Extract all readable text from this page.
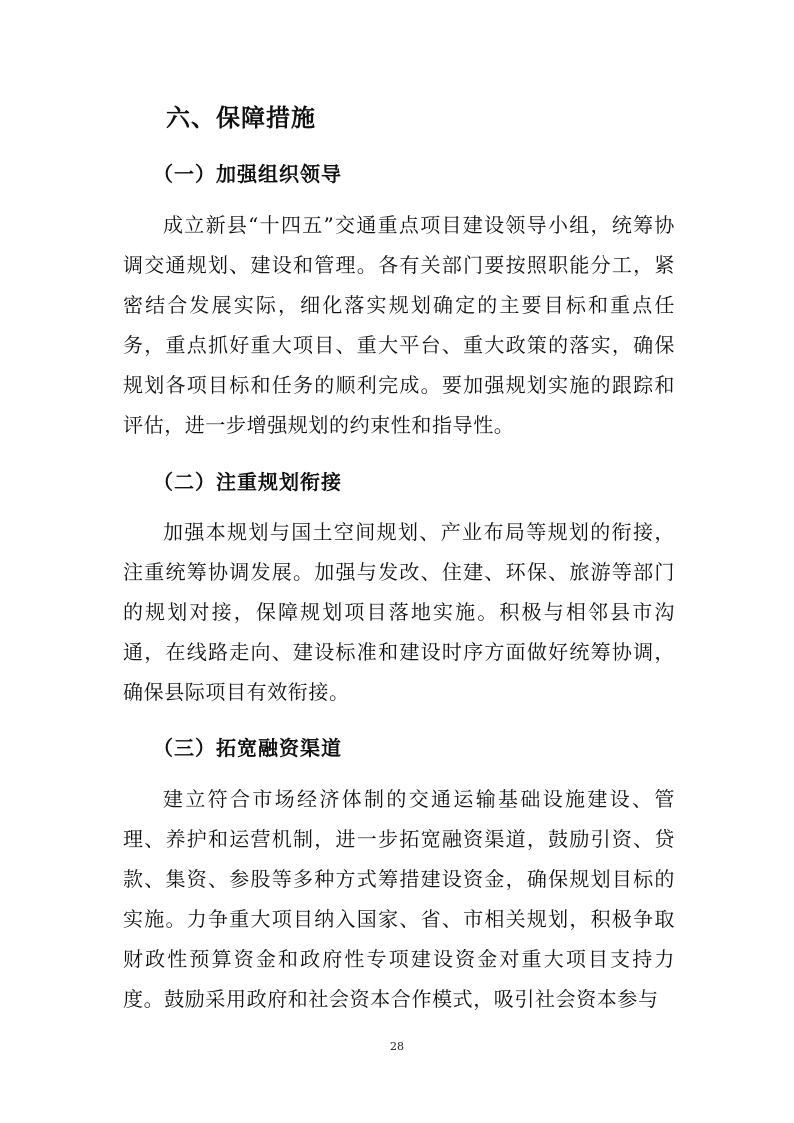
六、保障措施
（一）加强组织领导

成立新县“十四五”交通重点项目建设领导小组，统筹协调交通规划、建设和管理。各有关部门要按照职能分工，紧密结合发展实际，细化落实规划确定的主要目标和重点任务，重点抓好重大项目、重大平台、重大政策的落实，确保规划各项目标和任务的顺利完成。要加强规划实施的跟踪和评估，进一步增强规划的约束性和指导性。

（二）注重规划衔接

加强本规划与国土空间规划、产业布局等规划的衔接，注重统筹协调发展。加强与发改、住建、环保、旅游等部门的规划对接，保障规划项目落地实施。积极与相邻县市沟通，在线路走向、建设标准和建设时序方面做好统筹协调，确保县际项目有效衔接。

（三）拓宽融资渠道

建立符合市场经济体制的交通运输基础设施建设、管理、养护和运营机制，进一步拓宽融资渠道，鼓励引资、贷款、集资、参股等多种方式筹措建设资金，确保规划目标的实施。力争重大项目纳入国家、省、市相关规划，积极争取财政性预算资金和政府性专项建设资金对重大项目支持力度。鼓励采用政府和社会资本合作模式，吸引社会资本参与

28
